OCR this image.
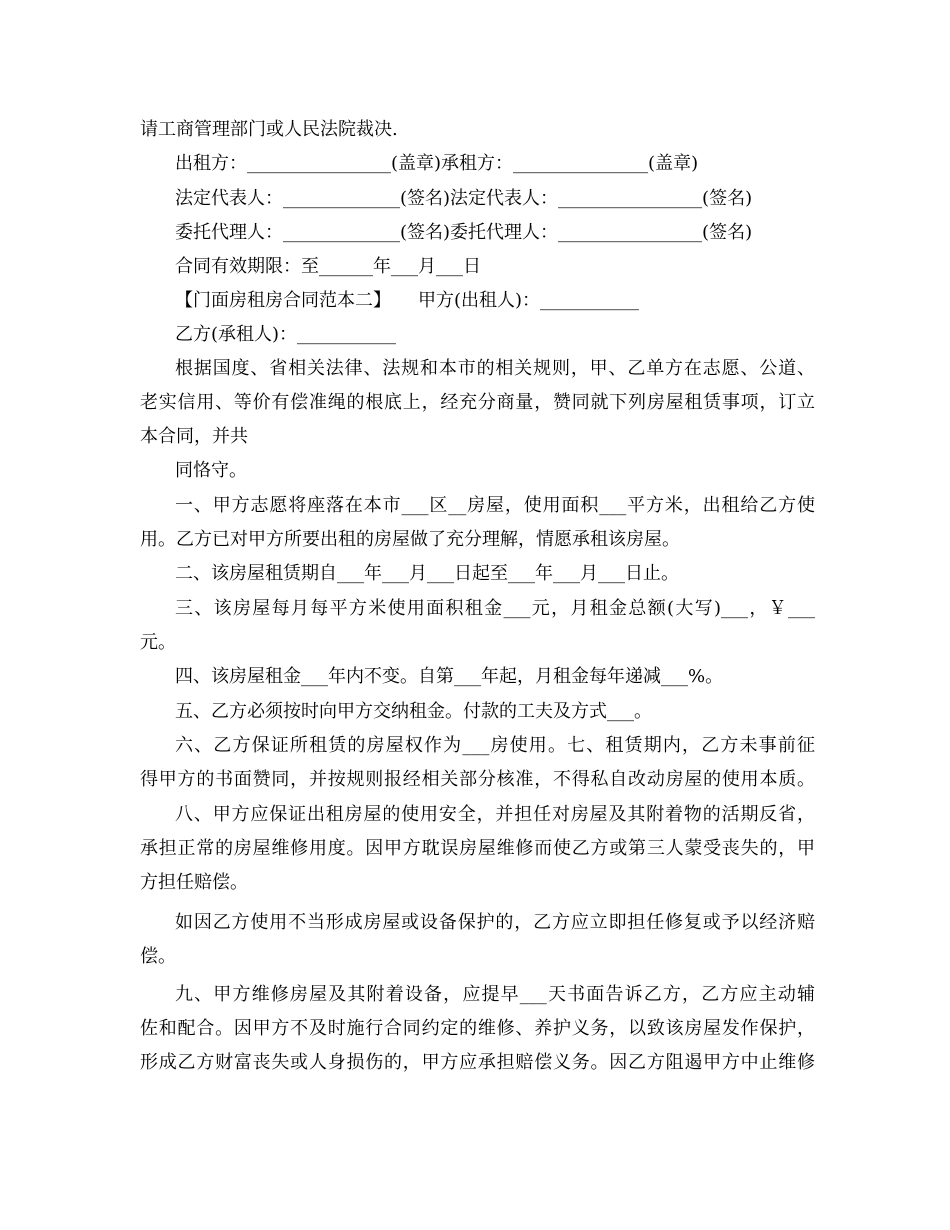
请工商管理部门或人民法院裁决.
出租方：________________(盖章)承租方：_______________(盖章)
法定代表人：_____________(签名)法定代表人：________________(签名)
委托代理人：_____________(签名)委托代理人：________________(签名)
合同有效期限：至______年___月___日
【门面房租房合同范本二】　　甲方(出租人)：___________
乙方(承租人)：___________
根据国度、省相关法律、法规和本市的相关规则，甲、乙单方在志愿、公道、
老实信用、等价有偿准绳的根底上，经充分商量，赞同就下列房屋租赁事项，订立
本合同，并共
同恪守。
一、甲方志愿将座落在本市___区__房屋，使用面积___平方米，出租给乙方使
用。乙方已对甲方所要出租的房屋做了充分理解，情愿承租该房屋。
二、该房屋租赁期自___年___月___日起至___年___月___日止。
三、该房屋每月每平方米使用面积租金___元，月租金总额(大写)___，￥___
元。
四、该房屋租金___年内不变。自第___年起，月租金每年递减___%。
五、乙方必须按时向甲方交纳租金。付款的工夫及方式___。
六、乙方保证所租赁的房屋权作为___房使用。七、租赁期内，乙方未事前征
得甲方的书面赞同，并按规则报经相关部分核准，不得私自改动房屋的使用本质。
八、甲方应保证出租房屋的使用安全，并担任对房屋及其附着物的活期反省，
承担正常的房屋维修用度。因甲方耽误房屋维修而使乙方或第三人蒙受丧失的，甲
方担任赔偿。
如因乙方使用不当形成房屋或设备保护的，乙方应立即担任修复或予以经济赔
偿。
九、甲方维修房屋及其附着设备，应提早___天书面告诉乙方，乙方应主动辅
佐和配合。因甲方不及时施行合同约定的维修、养护义务，以致该房屋发作保护，
形成乙方财富丧失或人身损伤的，甲方应承担赔偿义务。因乙方阻遏甲方中止维修
